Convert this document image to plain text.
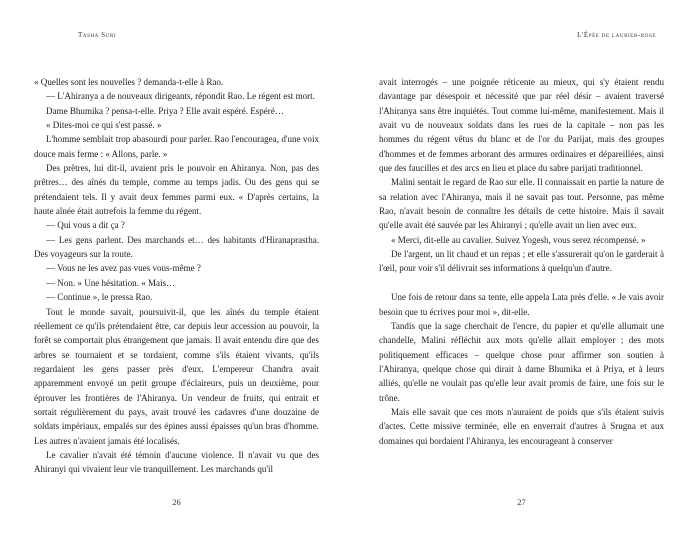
Tasha Suri

« Quelles sont les nouvelles ? demanda-t-elle à Rao.

— L'Ahiranya a de nouveaux dirigeants, répondit Rao. Le régent est mort.

Dame Bhumika ? pensa-t-elle. Priya ? Elle avait espéré. Espéré…

« Dites-moi ce qui s'est passé. »

L'homme semblait trop abasourdi pour parler. Rao l'encouragea, d'une voix douce mais ferme : « Allons, parle. »

Des prêtres, lui dit-il, avaient pris le pouvoir en Ahiranya. Non, pas des prêtres… des aînés du temple, comme au temps jadis. Ou des gens qui se prétendaient tels. Il y avait deux femmes parmi eux. « D'après certains, la haute aînée était autrefois la femme du régent.

— Qui vous a dit ça ?

— Les gens parlent. Des marchands et… des habitants d'Hiranaprastha. Des voyageurs sur la route.

— Vous ne les avez pas vues vous-même ?

— Non. » Une hésitation. « Mais…

— Continue », le pressa Rao.

Tout le monde savait, poursuivit-il, que les aînés du temple étaient réellement ce qu'ils prétendaient être, car depuis leur accession au pouvoir, la forêt se comportait plus étrangement que jamais. Il avait entendu dire que des arbres se tournaient et se tordaient, comme s'ils étaient vivants, qu'ils regardaient les gens passer près d'eux. L'empereur Chandra avait apparemment envoyé un petit groupe d'éclaireurs, puis un deuxième, pour éprouver les frontières de l'Ahiranya. Un vendeur de fruits, qui entrait et sortait régulièrement du pays, avait trouvé les cadavres d'une douzaine de soldats impériaux, empalés sur des épines aussi épaisses qu'un bras d'homme. Les autres n'avaient jamais été localisés.

Le cavalier n'avait été témoin d'aucune violence. Il n'avait vu que des Ahiranyi qui vivaient leur vie tranquillement. Les marchands qu'il

26
L'Épée de laurier-rose

avait interrogés – une poignée réticente au mieux, qui s'y étaient rendu davantage par désespoir et nécessité que par réel désir – avaient traversé l'Ahiranya sans être inquiétés. Tout comme lui-même, manifestement. Mais il avait vu de nouveaux soldats dans les rues de la capitale – non pas les hommes du régent vêtus du blanc et de l'or du Parijat, mais des groupes d'hommes et de femmes arborant des armures ordinaires et dépareillées, ainsi que des faucilles et des arcs en lieu et place du sabre parijati traditionnel.

Malini sentait le regard de Rao sur elle. Il connaissait en partie la nature de sa relation avec l'Ahiranya, mais il ne savait pas tout. Personne, pas même Rao, n'avait besoin de connaître les détails de cette histoire. Mais il savait qu'elle avait été sauvée par les Ahiranyi ; qu'elle avait un lien avec eux.

« Merci, dit-elle au cavalier. Suivez Yogesh, vous serez récompensé. »

De l'argent, un lit chaud et un repas ; et elle s'assurerait qu'on le garderait à l'œil, pour voir s'il délivrait ses informations à quelqu'un d'autre.

Une fois de retour dans sa tente, elle appela Lata près d'elle. « Je vais avoir besoin que tu écrives pour moi », dit-elle.

Tandis que la sage cherchait de l'encre, du papier et qu'elle allumait une chandelle, Malini réfléchit aux mots qu'elle allait employer ; des mots politiquement efficaces – quelque chose pour affirmer son soutien à l'Ahiranya, quelque chose qui dirait à dame Bhumika et à Priya, et à leurs alliés, qu'elle ne voulait pas qu'elle leur avait promis de faire, une fois sur le trône.

Mais elle savait que ces mots n'auraient de poids que s'ils étaient suivis d'actes. Cette missive terminée, elle en enverrait d'autres à Srugna et aux domaines qui bordaient l'Ahiranya, les encourageant à conserver

27
